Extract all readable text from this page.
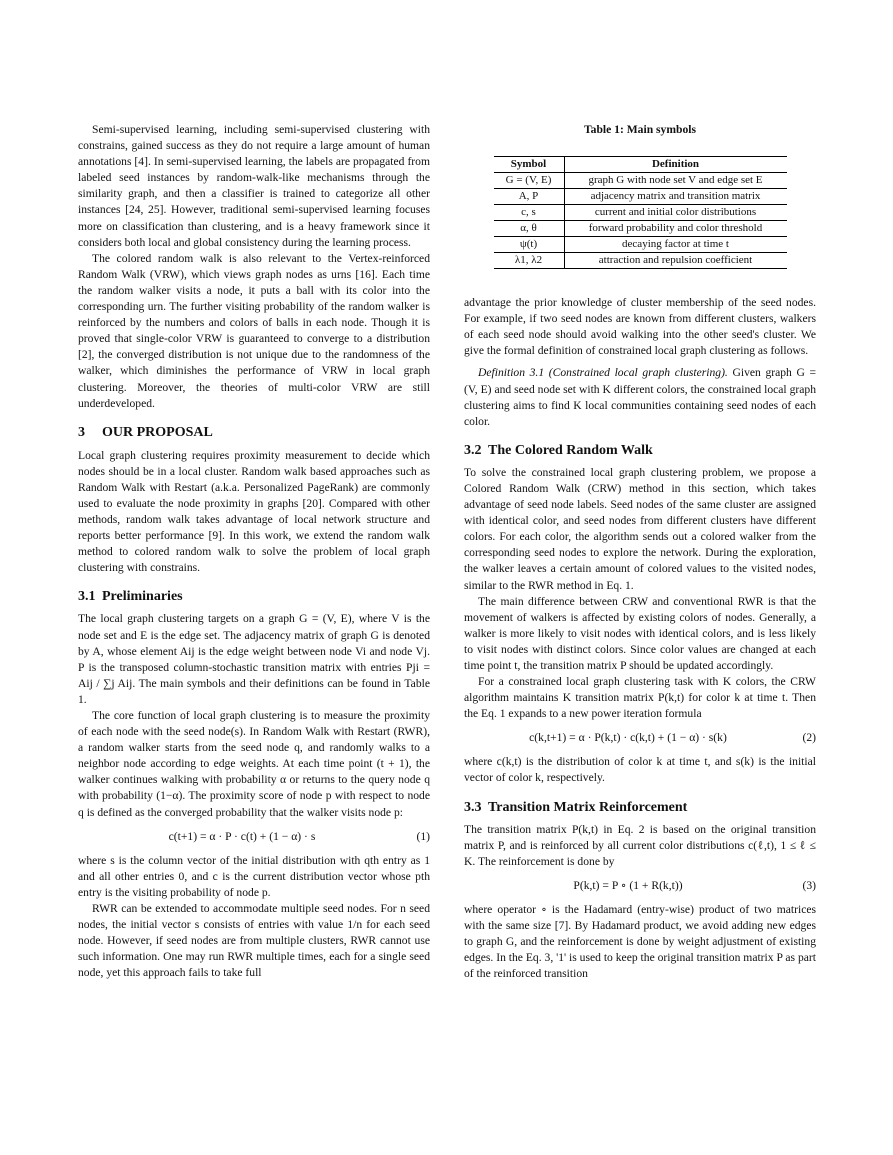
Semi-supervised learning, including semi-supervised clustering with constrains, gained success as they do not require a large amount of human annotations [4]. In semi-supervised learning, the labels are propagated from labeled seed instances by random-walk-like mechanisms through the similarity graph, and then a classifier is trained to categorize all other instances [24, 25]. However, traditional semi-supervised learning focuses more on classification than clustering, and is a heavy framework since it considers both local and global consistency during the learning process.

The colored random walk is also relevant to the Vertex-reinforced Random Walk (VRW), which views graph nodes as urns [16]. Each time the random walker visits a node, it puts a ball with its color into the corresponding urn. The further visiting probability of the random walker is reinforced by the numbers and colors of balls in each node. Though it is proved that single-color VRW is guaranteed to converge to a distribution [2], the converged distribution is not unique due to the randomness of the walker, which diminishes the performance of VRW in local graph clustering. Moreover, the theories of multi-color VRW are still underdeveloped.

3 OUR PROPOSAL

Local graph clustering requires proximity measurement to decide which nodes should be in a local cluster. Random walk based approaches such as Random Walk with Restart (a.k.a. Personalized PageRank) are commonly used to evaluate the node proximity in graphs [20]. Compared with other methods, random walk takes advantage of local network structure and reports better performance [9]. In this work, we extend the random walk method to colored random walk to solve the problem of local graph clustering with constrains.

3.1 Preliminaries

The local graph clustering targets on a graph G = (V, E), where V is the node set and E is the edge set. The adjacency matrix of graph G is denoted by A, whose element Aij is the edge weight between node Vi and node Vj. P is the transposed column-stochastic transition matrix with entries Pji = Aij / ∑j Aij. The main symbols and their definitions can be found in Table 1.

The core function of local graph clustering is to measure the proximity of each node with the seed node(s). In Random Walk with Restart (RWR), a random walker starts from the seed node q, and randomly walks to a neighbor node according to edge weights. At each time point (t + 1), the walker continues walking with probability α or returns to the query node q with probability (1−α). The proximity score of node p with respect to node q is defined as the converged probability that the walker visits node p:

c(t+1) = α · P · c(t) + (1 − α) · s	(1)

where s is the column vector of the initial distribution with qth entry as 1 and all other entries 0, and c is the current distribution vector whose pth entry is the visiting probability of node p.

RWR can be extended to accommodate multiple seed nodes. For n seed nodes, the initial vector s consists of entries with value 1/n for each seed node. However, if seed nodes are from multiple clusters, RWR cannot use such information. One may run RWR multiple times, each for a single seed node, yet this approach fails to take full

Table 1: Main symbols
Symbol	Definition
G = (V, E)	graph G with node set V and edge set E
A, P	adjacency matrix and transition matrix
c, s	current and initial color distributions
α, θ	forward probability and color threshold
ψ(t)	decaying factor at time t
λ1, λ2	attraction and repulsion coefficient

advantage the prior knowledge of cluster membership of the seed nodes. For example, if two seed nodes are known from different clusters, walkers of each seed node should avoid walking into the other seed's cluster. We give the formal definition of constrained local graph clustering as follows.

Definition 3.1 (Constrained local graph clustering). Given graph G = (V, E) and seed node set with K different colors, the constrained local graph clustering aims to find K local communities containing seed nodes of each color.

3.2 The Colored Random Walk

To solve the constrained local graph clustering problem, we propose a Colored Random Walk (CRW) method in this section, which takes advantage of seed node labels. Seed nodes of the same cluster are assigned with identical color, and seed nodes from different clusters have different colors. For each color, the algorithm sends out a colored walker from the corresponding seed nodes to explore the network. During the exploration, the walker leaves a certain amount of colored values to the visited nodes, similar to the RWR method in Eq. 1.

The main difference between CRW and conventional RWR is that the movement of walkers is affected by existing colors of nodes. Generally, a walker is more likely to visit nodes with identical colors, and is less likely to visit nodes with distinct colors. Since color values are changed at each time point t, the transition matrix P should be updated accordingly.

For a constrained local graph clustering task with K colors, the CRW algorithm maintains K transition matrix P(k,t) for color k at time t. Then the Eq. 1 expands to a new power iteration formula

c(k,t+1) = α · P(k,t) · c(k,t) + (1 − α) · s(k)	(2)

where c(k,t) is the distribution of color k at time t, and s(k) is the initial vector of color k, respectively.

3.3 Transition Matrix Reinforcement

The transition matrix P(k,t) in Eq. 2 is based on the original transition matrix P, and is reinforced by all current color distributions c(ℓ,t), 1 ≤ ℓ ≤ K. The reinforcement is done by

P(k,t) = P ∘ (1 + R(k,t))	(3)

where operator ∘ is the Hadamard (entry-wise) product of two matrices with the same size [7]. By Hadamard product, we avoid adding new edges to graph G, and the reinforcement is done by weight adjustment of existing edges. In the Eq. 3, '1' is used to keep the original transition matrix P as part of the reinforced transition
